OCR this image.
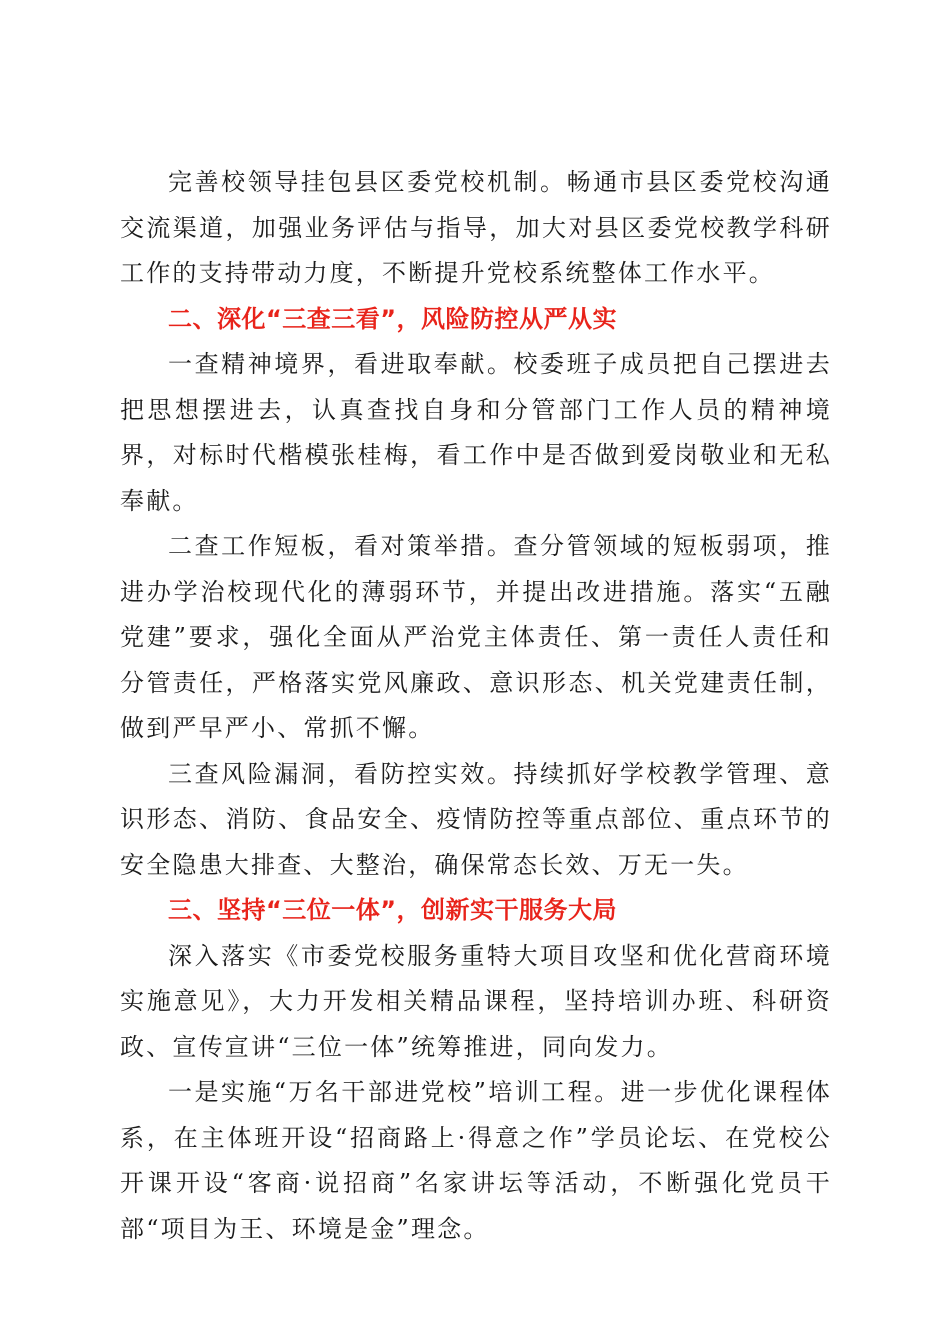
完善校领导挂包县区委党校机制。畅通市县区委党校沟通交流渠道，加强业务评估与指导，加大对县区委党校教学科研工作的支持带动力度，不断提升党校系统整体工作水平。

二、深化“三查三看”，风险防控从严从实

一查精神境界，看进取奉献。校委班子成员把自己摆进去把思想摆进去，认真查找自身和分管部门工作人员的精神境界，对标时代楷模张桂梅，看工作中是否做到爱岗敬业和无私奉献。

二查工作短板，看对策举措。查分管领域的短板弱项，推进办学治校现代化的薄弱环节，并提出改进措施。落实“五融党建”要求，强化全面从严治党主体责任、第一责任人责任和分管责任，严格落实党风廉政、意识形态、机关党建责任制，做到严早严小、常抓不懈。

三查风险漏洞，看防控实效。持续抓好学校教学管理、意识形态、消防、食品安全、疫情防控等重点部位、重点环节的安全隐患大排查、大整治，确保常态长效、万无一失。

三、坚持“三位一体”，创新实干服务大局

深入落实《市委党校服务重特大项目攻坚和优化营商环境实施意见》，大力开发相关精品课程，坚持培训办班、科研资政、宣传宣讲“三位一体”统筹推进，同向发力。

一是实施“万名干部进党校”培训工程。进一步优化课程体系，在主体班开设“招商路上·得意之作”学员论坛、在党校公开课开设“客商·说招商”名家讲坛等活动，不断强化党员干部“项目为王、环境是金”理念。
